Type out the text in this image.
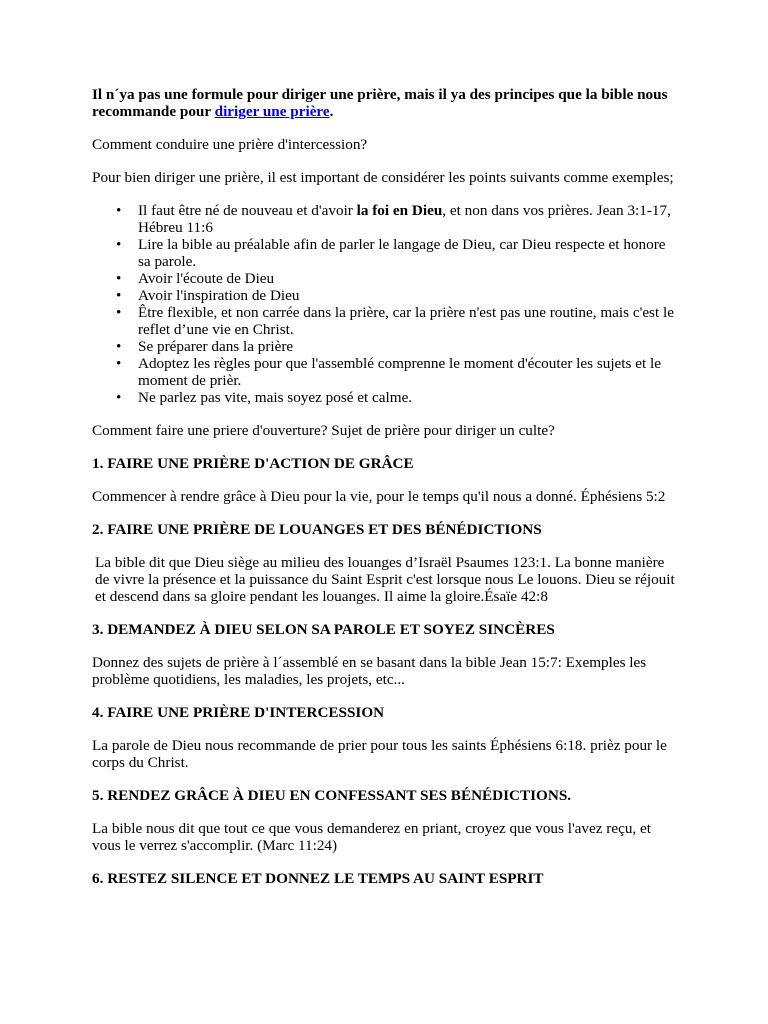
Il n´ya pas une formule pour diriger une prière, mais il ya des principes que la bible nous recommande pour diriger une prière.

Comment conduire une prière d'intercession?

Pour bien diriger une prière, il est important de considérer les points suivants comme exemples;

• Il faut être né de nouveau et d'avoir la foi en Dieu, et non dans vos prières. Jean 3:1-17, Hébreu 11:6
• Lire la bible au préalable afin de parler le langage de Dieu, car Dieu respecte et honore sa parole.
• Avoir l'écoute de Dieu
• Avoir l'inspiration de Dieu
• Être flexible, et non carrée dans la prière, car la prière n'est pas une routine, mais c'est le reflet d’une vie en Christ.
• Se préparer dans la prière
• Adoptez les règles pour que l'assemblé comprenne le moment d'écouter les sujets et le moment de prièr.
• Ne parlez pas vite, mais soyez posé et calme.

Comment faire une priere d'ouverture? Sujet de prière pour diriger un culte?

1. FAIRE UNE PRIÈRE D'ACTION DE GRÂCE

Commencer à rendre grâce à Dieu pour la vie, pour le temps qu'il nous a donné. Éphésiens 5:2

2. FAIRE UNE PRIÈRE DE LOUANGES ET DES BÉNÉDICTIONS

La bible dit que Dieu siège au milieu des louanges d’Israël Psaumes 123:1. La bonne manière de vivre la présence et la puissance du Saint Esprit c'est lorsque nous Le louons. Dieu se réjouit et descend dans sa gloire pendant les louanges. Il aime la gloire.Ésaïe 42:8

3. DEMANDEZ À DIEU SELON SA PAROLE ET SOYEZ SINCÈRES

Donnez des sujets de prière à l´assemblé en se basant dans la bible Jean 15:7: Exemples les problème quotidiens, les maladies, les projets, etc...

4. FAIRE UNE PRIÈRE D'INTERCESSION

La parole de Dieu nous recommande de prier pour tous les saints Éphésiens 6:18. prièz pour le corps du Christ.

5. RENDEZ GRÂCE À DIEU EN CONFESSANT SES BÉNÉDICTIONS.

La bible nous dit que tout ce que vous demanderez en priant, croyez que vous l'avez reçu, et vous le verrez s'accomplir. (Marc 11:24)

6. RESTEZ SILENCE ET DONNEZ LE TEMPS AU SAINT ESPRIT
